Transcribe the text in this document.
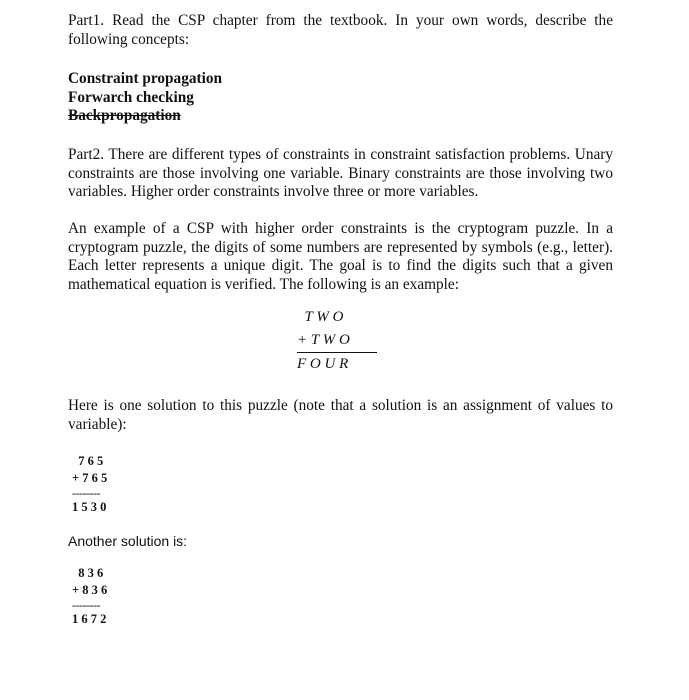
Part1. Read the CSP chapter from the textbook. In your own words, describe the following concepts:

Constraint propagation
Forwarch checking
Backpropagation

Part2. There are different types of constraints in constraint satisfaction problems. Unary constraints are those involving one variable. Binary constraints are those involving two variables. Higher order constraints involve three or more variables.

An example of a CSP with higher order constraints is the cryptogram puzzle. In a cryptogram puzzle, the digits of some numbers are represented by symbols (e.g., letter). Each letter represents a unique digit. The goal is to find the digits such that a given mathematical equation is verified. The following is an example:

T W O
+ T W O
F O U R

Here is one solution to this puzzle (note that a solution is an assignment of values to variable):

7 6 5
+ 7 6 5
--------
1 5 3 0
Another solution is:
8 3 6
+ 8 3 6
--------
1 6 7 2
